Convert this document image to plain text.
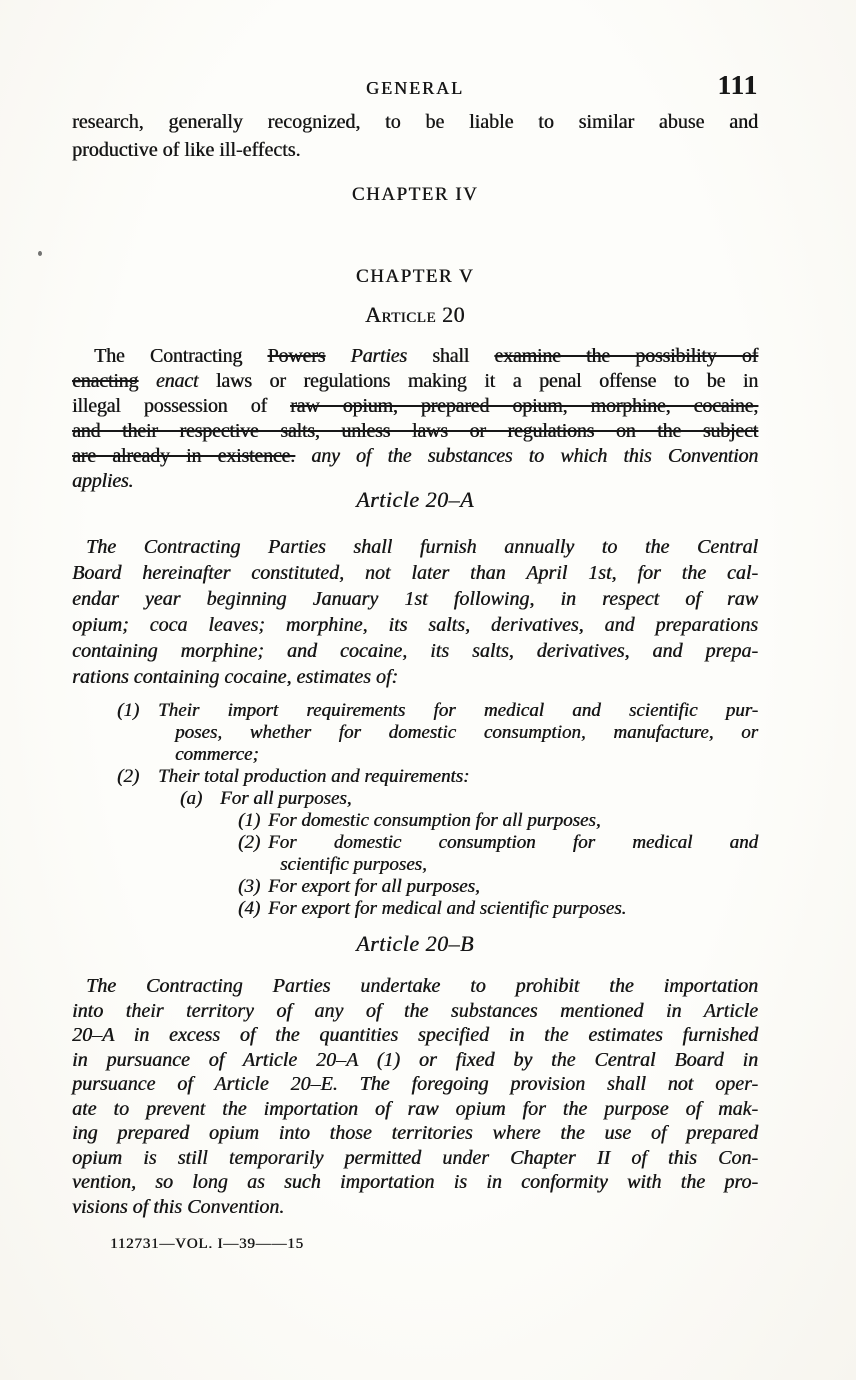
GENERAL	111
research, generally recognized, to be liable to similar abuse and
productive of like ill-effects.
CHAPTER IV
CHAPTER V
Article 20
The Contracting Powers Parties shall examine the possibility of
enacting enact laws or regulations making it a penal offense to be in
illegal possession of raw opium, prepared opium, morphine, cocaine,
and their respective salts, unless laws or regulations on the subject
are already in existence. any of the substances to which this Convention
applies.
Article 20–A
The Contracting Parties shall furnish annually to the Central
Board hereinafter constituted, not later than April 1st, for the cal-
endar year beginning January 1st following, in respect of raw
opium; coca leaves; morphine, its salts, derivatives, and preparations
containing morphine; and cocaine, its salts, derivatives, and prepa-
rations containing cocaine, estimates of:
(1) Their import requirements for medical and scientific pur-
poses, whether for domestic consumption, manufacture, or
commerce;
(2) Their total production and requirements:
(a) For all purposes,
(1) For domestic consumption for all purposes,
(2) For domestic consumption for medical and
scientific purposes,
(3) For export for all purposes,
(4) For export for medical and scientific purposes.
Article 20–B
The Contracting Parties undertake to prohibit the importation
into their territory of any of the substances mentioned in Article
20–A in excess of the quantities specified in the estimates furnished
in pursuance of Article 20–A (1) or fixed by the Central Board in
pursuance of Article 20–E. The foregoing provision shall not oper-
ate to prevent the importation of raw opium for the purpose of mak-
ing prepared opium into those territories where the use of prepared
opium is still temporarily permitted under Chapter II of this Con-
vention, so long as such importation is in conformity with the pro-
visions of this Convention.
112731—VOL. I—39——15
